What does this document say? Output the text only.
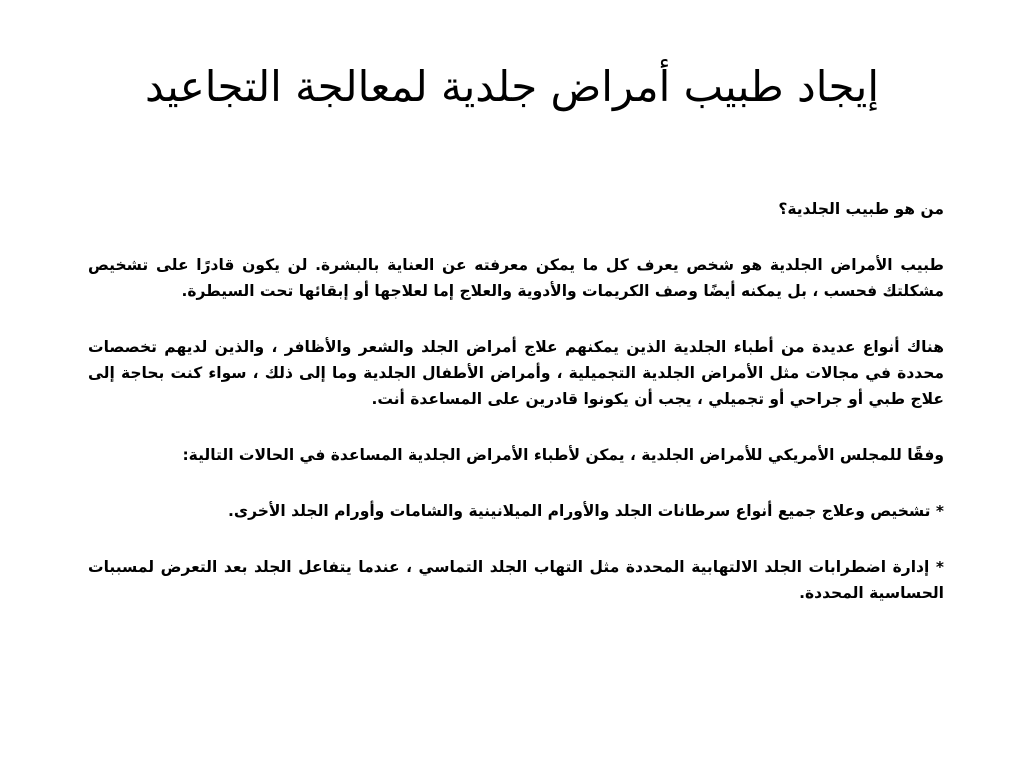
إيجاد طبيب أمراض جلدية لمعالجة التجاعيد

من هو طبيب الجلدية؟

طبيب الأمراض الجلدية هو شخص يعرف كل ما يمكن معرفته عن العناية بالبشرة. لن يكون قادرًا على تشخيص مشكلتك فحسب ، بل يمكنه أيضًا وصف الكريمات والأدوية والعلاج إما لعلاجها أو إبقائها تحت السيطرة.

هناك أنواع عديدة من أطباء الجلدية الذين يمكنهم علاج أمراض الجلد والشعر والأظافر ، والذين لديهم تخصصات محددة في مجالات مثل الأمراض الجلدية التجميلية ، وأمراض الأطفال الجلدية وما إلى ذلك ، سواء كنت بحاجة إلى علاج طبي أو جراحي أو تجميلي ، يجب أن يكونوا قادرين على المساعدة أنت.

وفقًا للمجلس الأمريكي للأمراض الجلدية ، يمكن لأطباء الأمراض الجلدية المساعدة في الحالات التالية:

* تشخيص وعلاج جميع أنواع سرطانات الجلد والأورام الميلانينية والشامات وأورام الجلد الأخرى.

* إدارة اضطرابات الجلد الالتهابية المحددة مثل التهاب الجلد التماسي ، عندما يتفاعل الجلد بعد التعرض لمسببات الحساسية المحددة.
